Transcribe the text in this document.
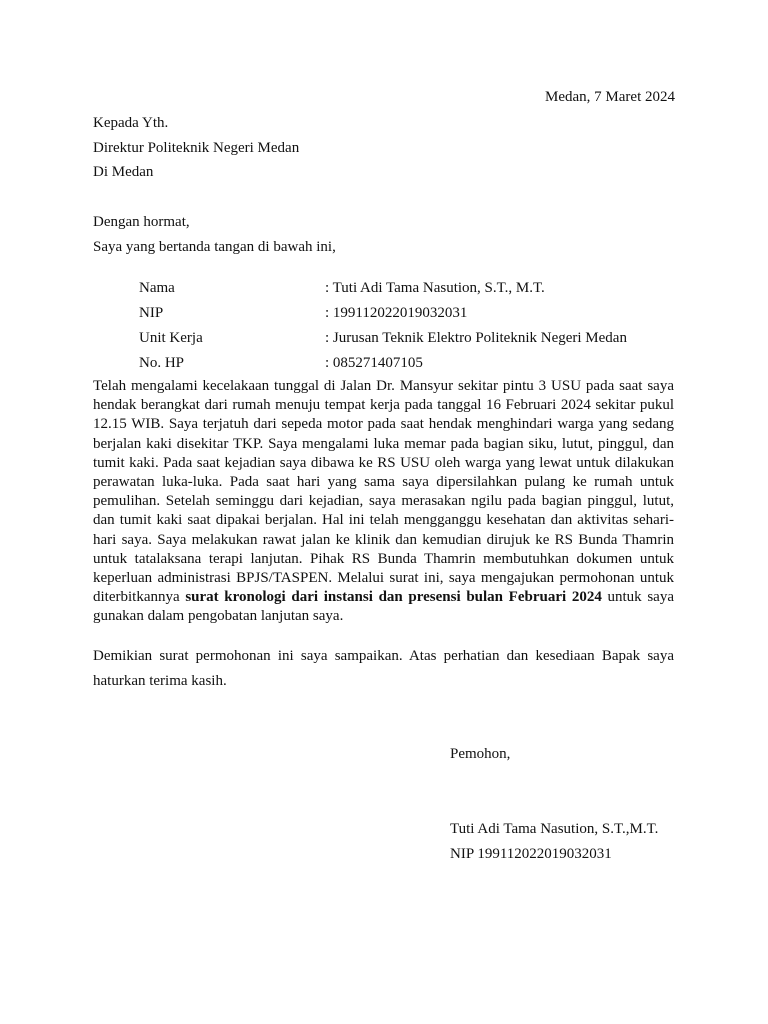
Medan, 7 Maret 2024
Kepada Yth.
Direktur Politeknik Negeri Medan
Di Medan
Dengan hormat,
Saya yang bertanda tangan di bawah ini,
Nama	: Tuti Adi Tama Nasution, S.T., M.T.
NIP	: 199112022019032031
Unit Kerja	: Jurusan Teknik Elektro Politeknik Negeri Medan
No. HP	: 085271407105

Telah mengalami kecelakaan tunggal di Jalan Dr. Mansyur sekitar pintu 3 USU pada saat saya hendak berangkat dari rumah menuju tempat kerja pada tanggal 16 Februari 2024 sekitar pukul 12.15 WIB. Saya terjatuh dari sepeda motor pada saat hendak menghindari warga yang sedang berjalan kaki disekitar TKP. Saya mengalami luka memar pada bagian siku, lutut, pinggul, dan tumit kaki. Pada saat kejadian saya dibawa ke RS USU oleh warga yang lewat untuk dilakukan perawatan luka-luka. Pada saat hari yang sama saya dipersilahkan pulang ke rumah untuk pemulihan. Setelah seminggu dari kejadian, saya merasakan ngilu pada bagian pinggul, lutut, dan tumit kaki saat dipakai berjalan. Hal ini telah mengganggu kesehatan dan aktivitas sehari-hari saya. Saya melakukan rawat jalan ke klinik dan kemudian dirujuk ke RS Bunda Thamrin untuk tatalaksana terapi lanjutan. Pihak RS Bunda Thamrin membutuhkan dokumen untuk keperluan administrasi BPJS/TASPEN. Melalui surat ini, saya mengajukan permohonan untuk diterbitkannya surat kronologi dari instansi dan presensi bulan Februari 2024 untuk saya gunakan dalam pengobatan lanjutan saya.

Demikian surat permohonan ini saya sampaikan. Atas perhatian dan kesediaan Bapak saya haturkan terima kasih.

Pemohon,
Tuti Adi Tama Nasution, S.T.,M.T.
NIP 199112022019032031
